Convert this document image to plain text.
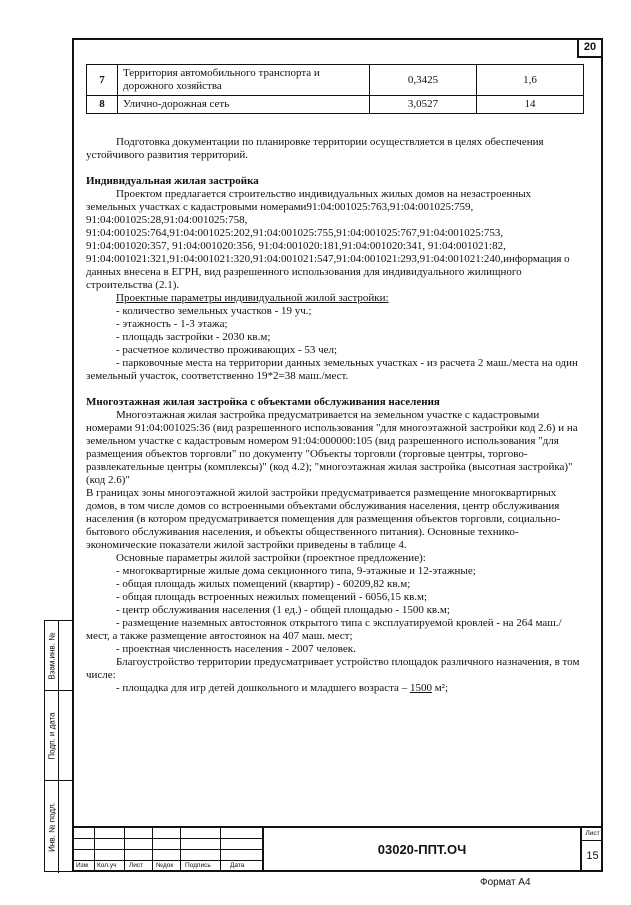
20
7	Территория автомобильного транспорта и дорожного хозяйства	0,3425	1,6
8	Улично-дорожная сеть	3,0527	14

Подготовка документации по планировке территории осуществляется в целях обеспечения устойчивого развития территорий.

Индивидуальная жилая застройка

Проектом предлагается строительство индивидуальных жилых домов на незастроенных земельных участках с кадастровыми номерами91:04:001025:763,91:04:001025:759, 91:04:001025:28,91:04:001025:758, 91:04:001025:764,91:04:001025:202,91:04:001025:755,91:04:001025:767,91:04:001025:753, 91:04:001020:357, 91:04:001020:356, 91:04:001020:181,91:04:001020:341, 91:04:001021:82, 91:04:001021:321,91:04:001021:320,91:04:001021:547,91:04:001021:293,91:04:001021:240,информация о данных внесена в ЕГРН, вид разрешенного использования для индивидуального жилищного строительства (2.1).

Проектные параметры индивидуальной жилой застройки:

- количество земельных участков - 19 уч.;

- этажность - 1-3 этажа;

- площадь застройки - 2030 кв.м;

- расчетное количество проживающих - 53 чел;

- парковочные места на территории данных земельных участках - из расчета 2 маш./места на один земельный участок, соответственно 19*2=38 маш./мест.

Многоэтажная жилая застройка с объектами обслуживания населения

Многоэтажная жилая застройка предусматривается на земельном участке с кадастровыми номерами 91:04:001025:36 (вид разрешенного использования "для многоэтажной застройки код 2.6) и на земельном участке с кадастровым номером 91:04:000000:105 (вид разрешенного использования "для размещения объектов торговли" по документу "Объекты торговли (торговые центры, торгово-развлекательные центры (комплексы)" (код 4.2); "многоэтажная жилая застройка (высотная застройка)" (код 2.6)"

В границах зоны многоэтажной жилой застройки предусматривается размещение многоквартирных домов, в том числе домов со встроенными объектами обслуживания населения, центр обслуживания населения (в котором предусматривается помещения для размещения объектов торговли, социально-бытового обслуживания населения, и объекты общественного питания). Основные технико-экономические показатели жилой застройки приведены в таблице 4.

Основные параметры жилой застройки (проектное предложение):

- многоквартирные жилые дома секционного типа, 9-этажные и 12-этажные;

- общая площадь жилых помещений (квартир) - 60209,82 кв.м;

- общая площадь встроенных нежилых помещений - 6056,15 кв.м;

- центр обслуживания населения (1 ед.) - общей площадью - 1500 кв.м;

- размещение наземных автостоянок открытого типа с эксплуатируемой кровлей - на 264 маш./мест, а также размещение автостоянок на 407 маш. мест;

- проектная численность населения - 2007 человек.

Благоустройство территории предусматривает устройство площадок различного назначения, в том числе:

- площадка для игр детей дошкольного и младшего возраста – 1500 м²;

Взам.инв. №
Подп. и дата
Инв. № подл.
Изм Кол.уч Лист №док Подпись	Дата
03020-ППТ.ОЧ
Лист
15
Формат А4
